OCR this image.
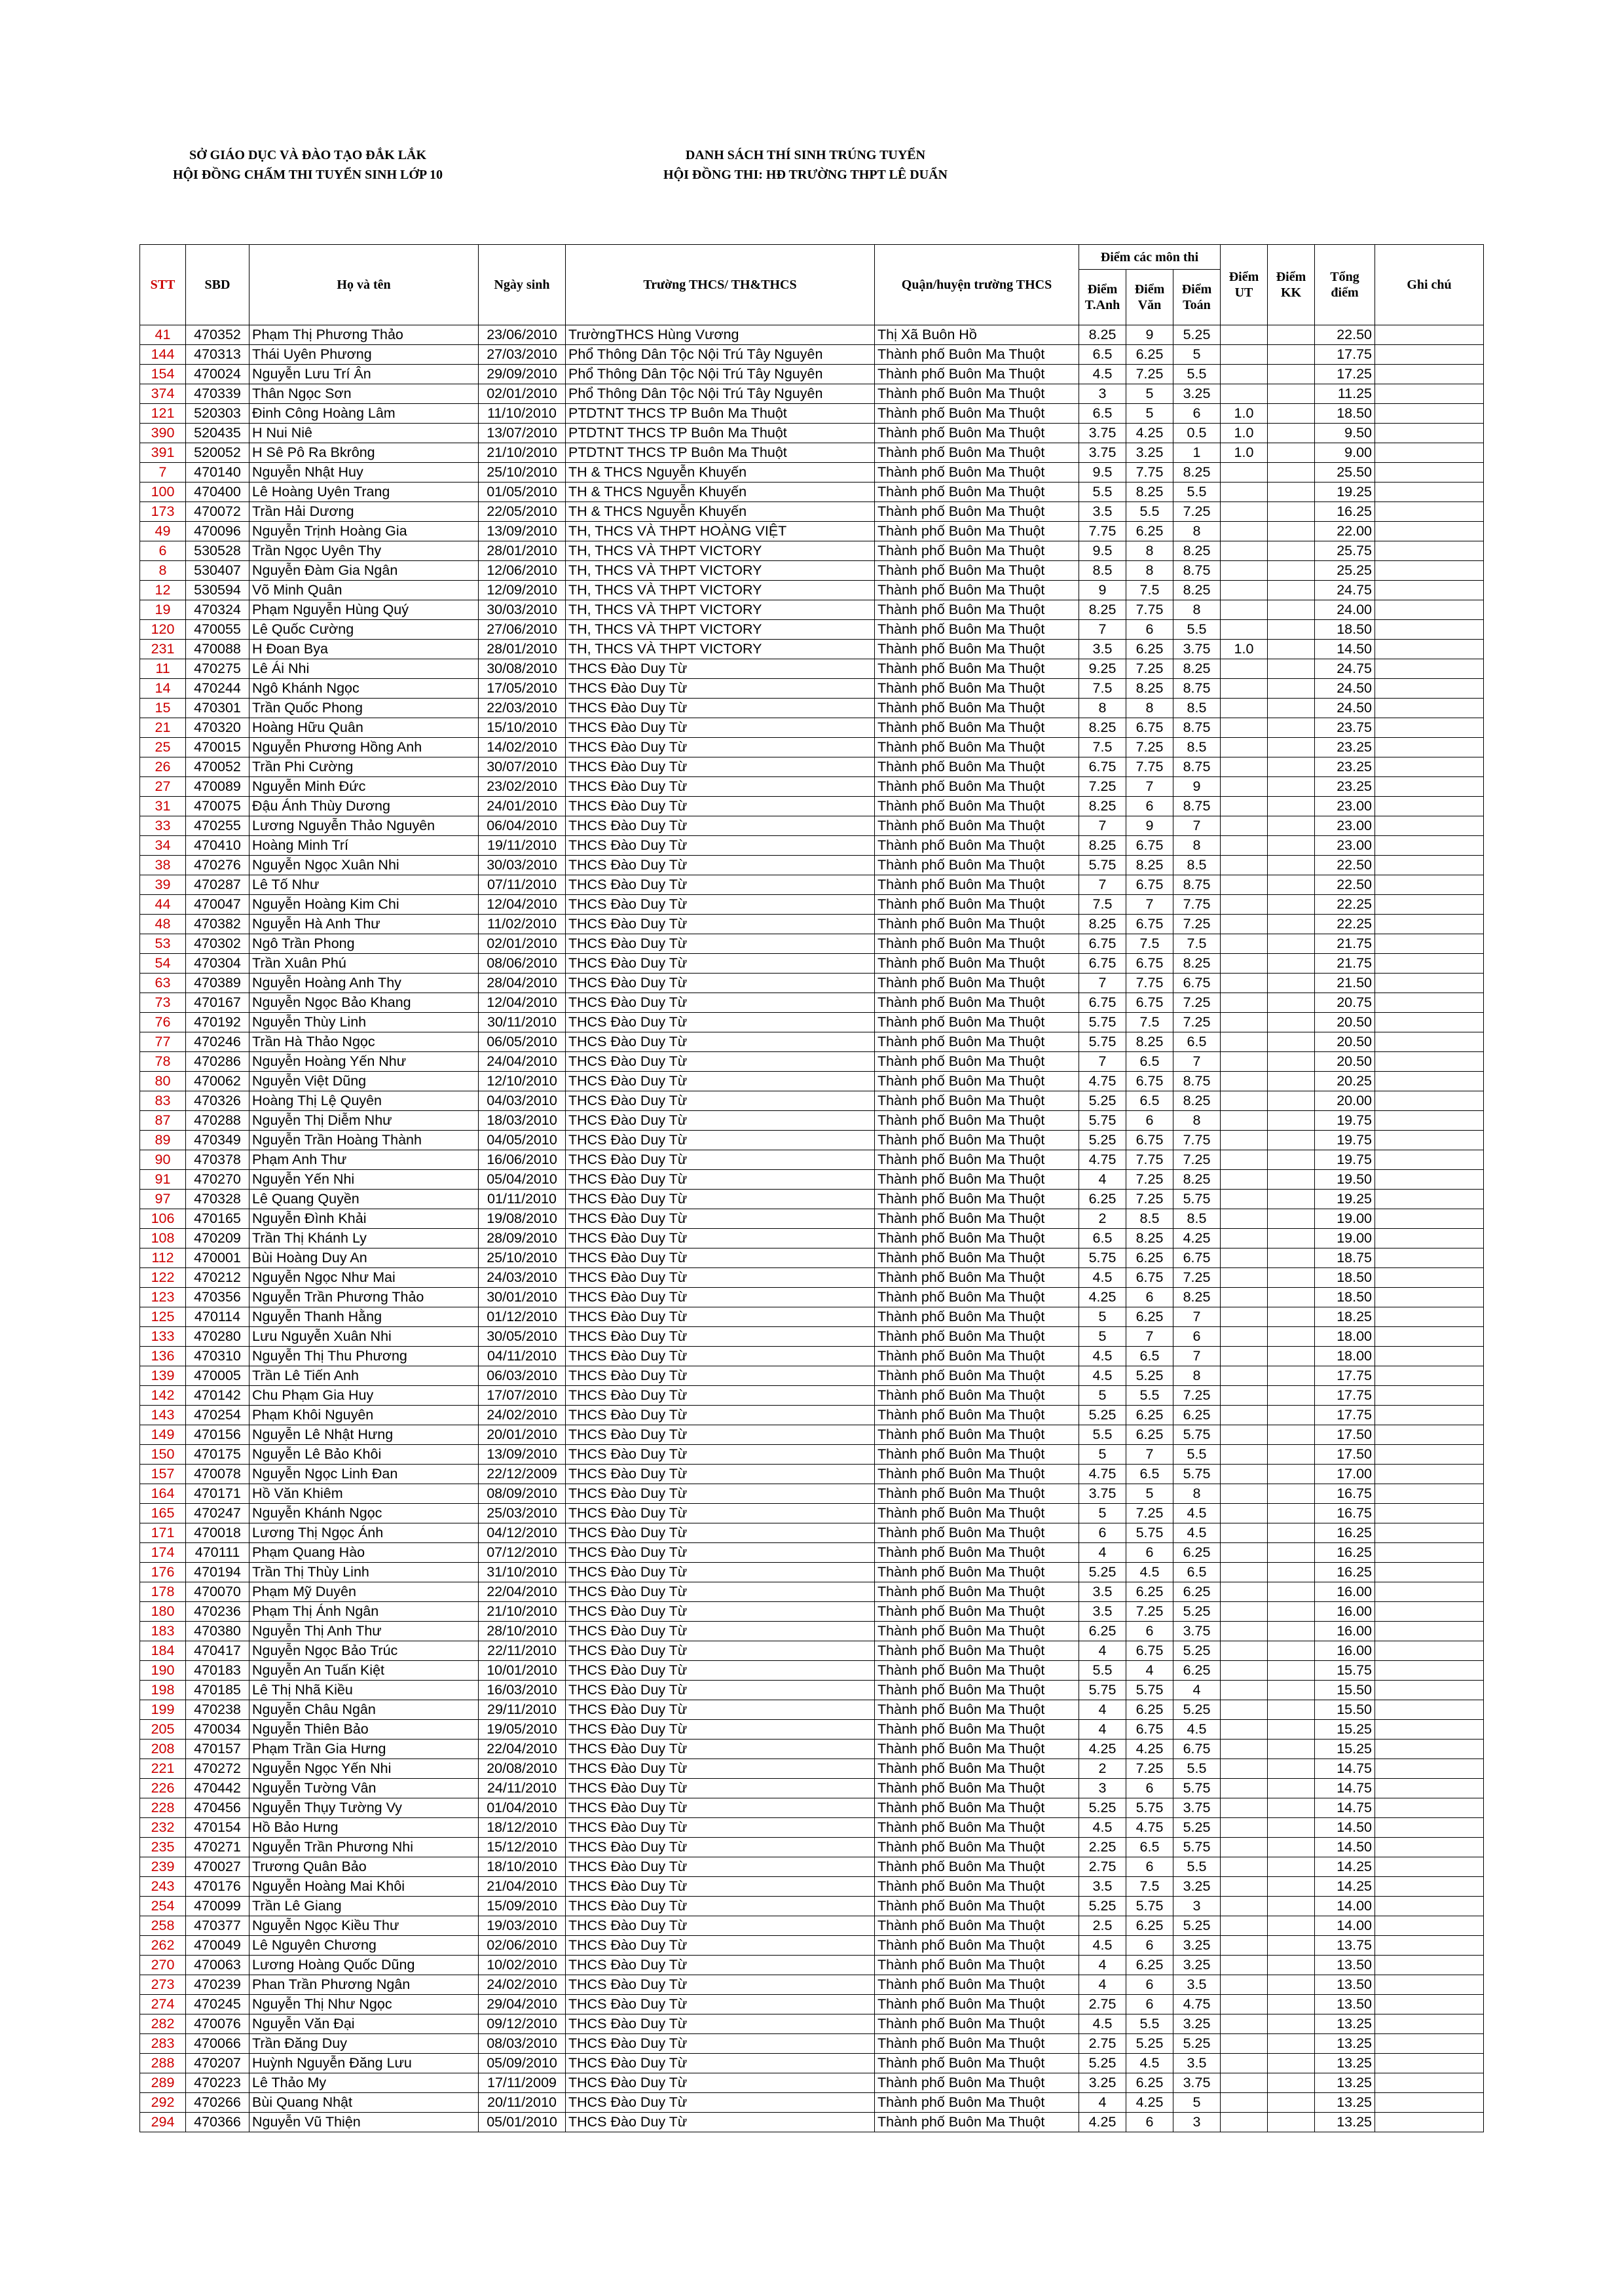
SỞ GIÁO DỤC VÀ ĐÀO TẠO ĐẮK LẮK
HỘI ĐỒNG CHẤM THI TUYỂN SINH LỚP 10
DANH SÁCH THÍ SINH TRÚNG TUYỂN
HỘI ĐỒNG THI: HĐ TRƯỜNG THPT LÊ DUẨN
STT	SBD	Họ và tên	Ngày sinh	Trường THCS/ TH&THCS	Quận/huyện trường THCS	Điểm các môn thi			Điểm UT	Điểm KK	Tổng điểm	Ghi chú
						Điểm T.Anh	Điểm Văn	Điểm Toán				
41	470352	Phạm Thị Phương Thảo	23/06/2010	TrườngTHCS Hùng Vương	Thị Xã Buôn Hồ	8.25	9	5.25			22.50	
144	470313	Thái Uyên Phương	27/03/2010	Phổ Thông Dân Tộc Nội Trú Tây Nguyên	Thành phố Buôn Ma Thuột	6.5	6.25	5			17.75	
154	470024	Nguyễn Lưu Trí Ân	29/09/2010	Phổ Thông Dân Tộc Nội Trú Tây Nguyên	Thành phố Buôn Ma Thuột	4.5	7.25	5.5			17.25	
374	470339	Thân Ngọc Sơn	02/01/2010	Phổ Thông Dân Tộc Nội Trú Tây Nguyên	Thành phố Buôn Ma Thuột	3	5	3.25			11.25	
121	520303	Đinh Công Hoàng Lâm	11/10/2010	PTDTNT THCS TP Buôn Ma Thuột	Thành phố Buôn Ma Thuột	6.5	5	6	1.0		18.50	
390	520435	H Nui Niê	13/07/2010	PTDTNT THCS TP Buôn Ma Thuột	Thành phố Buôn Ma Thuột	3.75	4.25	0.5	1.0		9.50	
391	520052	H Sê Pô Ra Bkrông	21/10/2010	PTDTNT THCS TP Buôn Ma Thuột	Thành phố Buôn Ma Thuột	3.75	3.25	1	1.0		9.00	
7	470140	Nguyễn Nhật Huy	25/10/2010	TH & THCS Nguyễn Khuyến	Thành phố Buôn Ma Thuột	9.5	7.75	8.25			25.50	
100	470400	Lê Hoàng Uyên Trang	01/05/2010	TH & THCS Nguyễn Khuyến	Thành phố Buôn Ma Thuột	5.5	8.25	5.5			19.25	
173	470072	Trần Hải Dương	22/05/2010	TH & THCS Nguyễn Khuyến	Thành phố Buôn Ma Thuột	3.5	5.5	7.25			16.25	
49	470096	Nguyễn Trịnh Hoàng Gia	13/09/2010	TH, THCS VÀ THPT HOÀNG VIỆT	Thành phố Buôn Ma Thuột	7.75	6.25	8			22.00	
6	530528	Trần Ngọc Uyên Thy	28/01/2010	TH, THCS VÀ THPT VICTORY	Thành phố Buôn Ma Thuột	9.5	8	8.25			25.75	
8	530407	Nguyễn Đàm Gia Ngân	12/06/2010	TH, THCS VÀ THPT VICTORY	Thành phố Buôn Ma Thuột	8.5	8	8.75			25.25	
12	530594	Võ Minh Quân	12/09/2010	TH, THCS VÀ THPT VICTORY	Thành phố Buôn Ma Thuột	9	7.5	8.25			24.75	
19	470324	Phạm Nguyễn Hùng Quý	30/03/2010	TH, THCS VÀ THPT VICTORY	Thành phố Buôn Ma Thuột	8.25	7.75	8			24.00	
120	470055	Lê Quốc Cường	27/06/2010	TH, THCS VÀ THPT VICTORY	Thành phố Buôn Ma Thuột	7	6	5.5			18.50	
231	470088	H Đoan Bya	28/01/2010	TH, THCS VÀ THPT VICTORY	Thành phố Buôn Ma Thuột	3.5	6.25	3.75	1.0		14.50	
11	470275	Lê Ái Nhi	30/08/2010	THCS Đào Duy Từ	Thành phố Buôn Ma Thuột	9.25	7.25	8.25			24.75	
14	470244	Ngô Khánh Ngọc	17/05/2010	THCS Đào Duy Từ	Thành phố Buôn Ma Thuột	7.5	8.25	8.75			24.50	
15	470301	Trần Quốc Phong	22/03/2010	THCS Đào Duy Từ	Thành phố Buôn Ma Thuột	8	8	8.5			24.50	
21	470320	Hoàng Hữu Quân	15/10/2010	THCS Đào Duy Từ	Thành phố Buôn Ma Thuột	8.25	6.75	8.75			23.75	
25	470015	Nguyễn Phương Hồng Anh	14/02/2010	THCS Đào Duy Từ	Thành phố Buôn Ma Thuột	7.5	7.25	8.5			23.25	
26	470052	Trần Phi Cường	30/07/2010	THCS Đào Duy Từ	Thành phố Buôn Ma Thuột	6.75	7.75	8.75			23.25	
27	470089	Nguyễn Minh Đức	23/02/2010	THCS Đào Duy Từ	Thành phố Buôn Ma Thuột	7.25	7	9			23.25	
31	470075	Đậu Ánh Thùy Dương	24/01/2010	THCS Đào Duy Từ	Thành phố Buôn Ma Thuột	8.25	6	8.75			23.00	
33	470255	Lương Nguyễn Thảo Nguyên	06/04/2010	THCS Đào Duy Từ	Thành phố Buôn Ma Thuột	7	9	7			23.00	
34	470410	Hoàng Minh Trí	19/11/2010	THCS Đào Duy Từ	Thành phố Buôn Ma Thuột	8.25	6.75	8			23.00	
38	470276	Nguyễn Ngọc Xuân Nhi	30/03/2010	THCS Đào Duy Từ	Thành phố Buôn Ma Thuột	5.75	8.25	8.5			22.50	
39	470287	Lê Tố Như	07/11/2010	THCS Đào Duy Từ	Thành phố Buôn Ma Thuột	7	6.75	8.75			22.50	
44	470047	Nguyễn Hoàng Kim Chi	12/04/2010	THCS Đào Duy Từ	Thành phố Buôn Ma Thuột	7.5	7	7.75			22.25	
48	470382	Nguyễn Hà Anh Thư	11/02/2010	THCS Đào Duy Từ	Thành phố Buôn Ma Thuột	8.25	6.75	7.25			22.25	
53	470302	Ngô Trần Phong	02/01/2010	THCS Đào Duy Từ	Thành phố Buôn Ma Thuột	6.75	7.5	7.5			21.75	
54	470304	Trần Xuân Phú	08/06/2010	THCS Đào Duy Từ	Thành phố Buôn Ma Thuột	6.75	6.75	8.25			21.75	
63	470389	Nguyễn Hoàng Anh Thy	28/04/2010	THCS Đào Duy Từ	Thành phố Buôn Ma Thuột	7	7.75	6.75			21.50	
73	470167	Nguyễn Ngọc Bảo Khang	12/04/2010	THCS Đào Duy Từ	Thành phố Buôn Ma Thuột	6.75	6.75	7.25			20.75	
76	470192	Nguyễn Thùy Linh	30/11/2010	THCS Đào Duy Từ	Thành phố Buôn Ma Thuột	5.75	7.5	7.25			20.50	
77	470246	Trần Hà Thảo Ngọc	06/05/2010	THCS Đào Duy Từ	Thành phố Buôn Ma Thuột	5.75	8.25	6.5			20.50	
78	470286	Nguyễn Hoàng Yến Như	24/04/2010	THCS Đào Duy Từ	Thành phố Buôn Ma Thuột	7	6.5	7			20.50	
80	470062	Nguyễn Việt Dũng	12/10/2010	THCS Đào Duy Từ	Thành phố Buôn Ma Thuột	4.75	6.75	8.75			20.25	
83	470326	Hoàng Thị Lệ Quyên	04/03/2010	THCS Đào Duy Từ	Thành phố Buôn Ma Thuột	5.25	6.5	8.25			20.00	
87	470288	Nguyễn Thị Diễm Như	18/03/2010	THCS Đào Duy Từ	Thành phố Buôn Ma Thuột	5.75	6	8			19.75	
89	470349	Nguyễn Trần Hoàng Thành	04/05/2010	THCS Đào Duy Từ	Thành phố Buôn Ma Thuột	5.25	6.75	7.75			19.75	
90	470378	Phạm Anh Thư	16/06/2010	THCS Đào Duy Từ	Thành phố Buôn Ma Thuột	4.75	7.75	7.25			19.75	
91	470270	Nguyễn Yến Nhi	05/04/2010	THCS Đào Duy Từ	Thành phố Buôn Ma Thuột	4	7.25	8.25			19.50	
97	470328	Lê Quang Quyền	01/11/2010	THCS Đào Duy Từ	Thành phố Buôn Ma Thuột	6.25	7.25	5.75			19.25	
106	470165	Nguyễn Đình Khải	19/08/2010	THCS Đào Duy Từ	Thành phố Buôn Ma Thuột	2	8.5	8.5			19.00	
108	470209	Trần Thị Khánh Ly	28/09/2010	THCS Đào Duy Từ	Thành phố Buôn Ma Thuột	6.5	8.25	4.25			19.00	
112	470001	Bùi Hoàng Duy An	25/10/2010	THCS Đào Duy Từ	Thành phố Buôn Ma Thuột	5.75	6.25	6.75			18.75	
122	470212	Nguyễn Ngọc Như Mai	24/03/2010	THCS Đào Duy Từ	Thành phố Buôn Ma Thuột	4.5	6.75	7.25			18.50	
123	470356	Nguyễn Trần Phương Thảo	30/01/2010	THCS Đào Duy Từ	Thành phố Buôn Ma Thuột	4.25	6	8.25			18.50	
125	470114	Nguyễn Thanh Hằng	01/12/2010	THCS Đào Duy Từ	Thành phố Buôn Ma Thuột	5	6.25	7			18.25	
133	470280	Lưu Nguyễn Xuân Nhi	30/05/2010	THCS Đào Duy Từ	Thành phố Buôn Ma Thuột	5	7	6			18.00	
136	470310	Nguyễn Thị Thu Phương	04/11/2010	THCS Đào Duy Từ	Thành phố Buôn Ma Thuột	4.5	6.5	7			18.00	
139	470005	Trần Lê Tiến Anh	06/03/2010	THCS Đào Duy Từ	Thành phố Buôn Ma Thuột	4.5	5.25	8			17.75	
142	470142	Chu Phạm Gia Huy	17/07/2010	THCS Đào Duy Từ	Thành phố Buôn Ma Thuột	5	5.5	7.25			17.75	
143	470254	Phạm Khôi Nguyên	24/02/2010	THCS Đào Duy Từ	Thành phố Buôn Ma Thuột	5.25	6.25	6.25			17.75	
149	470156	Nguyễn Lê Nhật Hưng	20/01/2010	THCS Đào Duy Từ	Thành phố Buôn Ma Thuột	5.5	6.25	5.75			17.50	
150	470175	Nguyễn Lê Bảo Khôi	13/09/2010	THCS Đào Duy Từ	Thành phố Buôn Ma Thuột	5	7	5.5			17.50	
157	470078	Nguyễn Ngọc Linh Đan	22/12/2009	THCS Đào Duy Từ	Thành phố Buôn Ma Thuột	4.75	6.5	5.75			17.00	
164	470171	Hồ Văn Khiêm	08/09/2010	THCS Đào Duy Từ	Thành phố Buôn Ma Thuột	3.75	5	8			16.75	
165	470247	Nguyễn Khánh Ngọc	25/03/2010	THCS Đào Duy Từ	Thành phố Buôn Ma Thuột	5	7.25	4.5			16.75	
171	470018	Lương Thị Ngọc Ánh	04/12/2010	THCS Đào Duy Từ	Thành phố Buôn Ma Thuột	6	5.75	4.5			16.25	
174	470111	Phạm Quang Hào	07/12/2010	THCS Đào Duy Từ	Thành phố Buôn Ma Thuột	4	6	6.25			16.25	
176	470194	Trần Thị Thùy Linh	31/10/2010	THCS Đào Duy Từ	Thành phố Buôn Ma Thuột	5.25	4.5	6.5			16.25	
178	470070	Phạm Mỹ Duyên	22/04/2010	THCS Đào Duy Từ	Thành phố Buôn Ma Thuột	3.5	6.25	6.25			16.00	
180	470236	Phạm Thị Ánh Ngân	21/10/2010	THCS Đào Duy Từ	Thành phố Buôn Ma Thuột	3.5	7.25	5.25			16.00	
183	470380	Nguyễn Thị Anh Thư	28/10/2010	THCS Đào Duy Từ	Thành phố Buôn Ma Thuột	6.25	6	3.75			16.00	
184	470417	Nguyễn Ngọc Bảo Trúc	22/11/2010	THCS Đào Duy Từ	Thành phố Buôn Ma Thuột	4	6.75	5.25			16.00	
190	470183	Nguyễn An Tuấn Kiệt	10/01/2010	THCS Đào Duy Từ	Thành phố Buôn Ma Thuột	5.5	4	6.25			15.75	
198	470185	Lê Thị Nhã Kiều	16/03/2010	THCS Đào Duy Từ	Thành phố Buôn Ma Thuột	5.75	5.75	4			15.50	
199	470238	Nguyễn Châu Ngân	29/11/2010	THCS Đào Duy Từ	Thành phố Buôn Ma Thuột	4	6.25	5.25			15.50	
205	470034	Nguyễn Thiên Bảo	19/05/2010	THCS Đào Duy Từ	Thành phố Buôn Ma Thuột	4	6.75	4.5			15.25	
208	470157	Phạm Trần Gia Hưng	22/04/2010	THCS Đào Duy Từ	Thành phố Buôn Ma Thuột	4.25	4.25	6.75			15.25	
221	470272	Nguyễn Ngọc Yến Nhi	20/08/2010	THCS Đào Duy Từ	Thành phố Buôn Ma Thuột	2	7.25	5.5			14.75	
226	470442	Nguyễn Tường Vân	24/11/2010	THCS Đào Duy Từ	Thành phố Buôn Ma Thuột	3	6	5.75			14.75	
228	470456	Nguyễn Thụy Tường Vy	01/04/2010	THCS Đào Duy Từ	Thành phố Buôn Ma Thuột	5.25	5.75	3.75			14.75	
232	470154	Hồ Bảo Hưng	18/12/2010	THCS Đào Duy Từ	Thành phố Buôn Ma Thuột	4.5	4.75	5.25			14.50	
235	470271	Nguyễn Trần Phương Nhi	15/12/2010	THCS Đào Duy Từ	Thành phố Buôn Ma Thuột	2.25	6.5	5.75			14.50	
239	470027	Trương Quân Bảo	18/10/2010	THCS Đào Duy Từ	Thành phố Buôn Ma Thuột	2.75	6	5.5			14.25	
243	470176	Nguyễn Hoàng Mai Khôi	21/04/2010	THCS Đào Duy Từ	Thành phố Buôn Ma Thuột	3.5	7.5	3.25			14.25	
254	470099	Trần Lê Giang	15/09/2010	THCS Đào Duy Từ	Thành phố Buôn Ma Thuột	5.25	5.75	3			14.00	
258	470377	Nguyễn Ngọc Kiều Thư	19/03/2010	THCS Đào Duy Từ	Thành phố Buôn Ma Thuột	2.5	6.25	5.25			14.00	
262	470049	Lê Nguyên Chương	02/06/2010	THCS Đào Duy Từ	Thành phố Buôn Ma Thuột	4.5	6	3.25			13.75	
270	470063	Lương Hoàng Quốc Dũng	10/02/2010	THCS Đào Duy Từ	Thành phố Buôn Ma Thuột	4	6.25	3.25			13.50	
273	470239	Phan Trần Phương Ngân	24/02/2010	THCS Đào Duy Từ	Thành phố Buôn Ma Thuột	4	6	3.5			13.50	
274	470245	Nguyễn Thị Như Ngọc	29/04/2010	THCS Đào Duy Từ	Thành phố Buôn Ma Thuột	2.75	6	4.75			13.50	
282	470076	Nguyễn Văn Đại	09/12/2010	THCS Đào Duy Từ	Thành phố Buôn Ma Thuột	4.5	5.5	3.25			13.25	
283	470066	Trần Đăng Duy	08/03/2010	THCS Đào Duy Từ	Thành phố Buôn Ma Thuột	2.75	5.25	5.25			13.25	
288	470207	Huỳnh Nguyễn Đăng Lưu	05/09/2010	THCS Đào Duy Từ	Thành phố Buôn Ma Thuột	5.25	4.5	3.5			13.25	
289	470223	Lê Thảo My	17/11/2009	THCS Đào Duy Từ	Thành phố Buôn Ma Thuột	3.25	6.25	3.75			13.25	
292	470266	Bùi Quang Nhật	20/11/2010	THCS Đào Duy Từ	Thành phố Buôn Ma Thuột	4	4.25	5			13.25	
294	470366	Nguyễn Vũ Thiện	05/01/2010	THCS Đào Duy Từ	Thành phố Buôn Ma Thuột	4.25	6	3			13.25	
